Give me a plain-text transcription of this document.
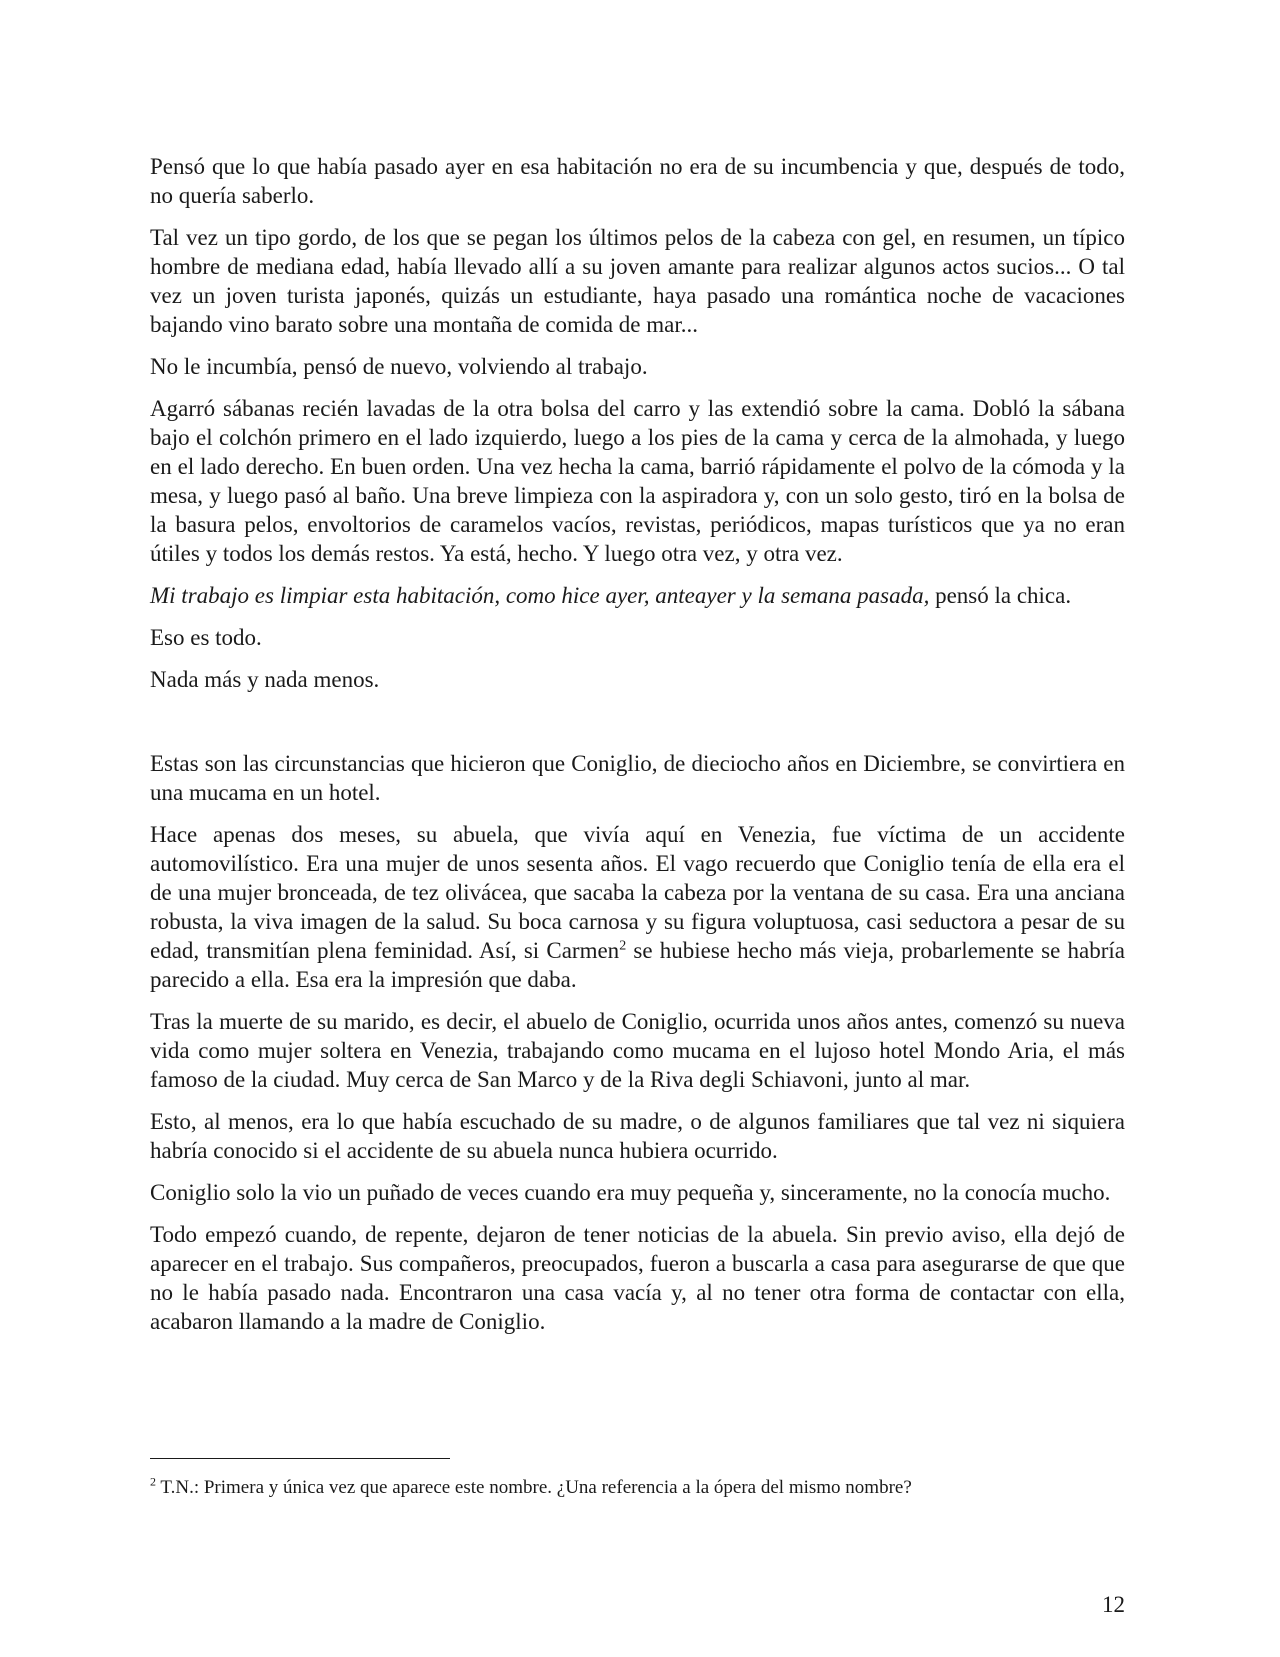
Pensó que lo que había pasado ayer en esa habitación no era de su incumbencia y que, después de todo, no quería saberlo.

Tal vez un tipo gordo, de los que se pegan los últimos pelos de la cabeza con gel, en resumen, un típico hombre de mediana edad, había llevado allí a su joven amante para realizar algunos actos sucios... O tal vez un joven turista japonés, quizás un estudiante, haya pasado una romántica noche de vacaciones bajando vino barato sobre una montaña de comida de mar...

No le incumbía, pensó de nuevo, volviendo al trabajo.

Agarró sábanas recién lavadas de la otra bolsa del carro y las extendió sobre la cama. Dobló la sábana bajo el colchón primero en el lado izquierdo, luego a los pies de la cama y cerca de la almohada, y luego en el lado derecho. En buen orden. Una vez hecha la cama, barrió rápidamente el polvo de la cómoda y la mesa, y luego pasó al baño. Una breve limpieza con la aspiradora y, con un solo gesto, tiró en la bolsa de la basura pelos, envoltorios de caramelos vacíos, revistas, periódicos, mapas turísticos que ya no eran útiles y todos los demás restos. Ya está, hecho. Y luego otra vez, y otra vez.

Mi trabajo es limpiar esta habitación, como hice ayer, anteayer y la semana pasada, pensó la chica.

Eso es todo.

Nada más y nada menos.

Estas son las circunstancias que hicieron que Coniglio, de dieciocho años en Diciembre, se convirtiera en una mucama en un hotel.

Hace apenas dos meses, su abuela, que vivía aquí en Venezia, fue víctima de un accidente automovilístico. Era una mujer de unos sesenta años. El vago recuerdo que Coniglio tenía de ella era el de una mujer bronceada, de tez olivácea, que sacaba la cabeza por la ventana de su casa. Era una anciana robusta, la viva imagen de la salud. Su boca carnosa y su figura voluptuosa, casi seductora a pesar de su edad, transmitían plena feminidad. Así, si Carmen$^2$ se hubiese hecho más vieja, probarlemente se habría parecido a ella. Esa era la impresión que daba.

Tras la muerte de su marido, es decir, el abuelo de Coniglio, ocurrida unos años antes, comenzó su nueva vida como mujer soltera en Venezia, trabajando como mucama en el lujoso hotel Mondo Aria, el más famoso de la ciudad. Muy cerca de San Marco y de la Riva degli Schiavoni, junto al mar.

Esto, al menos, era lo que había escuchado de su madre, o de algunos familiares que tal vez ni siquiera habría conocido si el accidente de su abuela nunca hubiera ocurrido.

Coniglio solo la vio un puñado de veces cuando era muy pequeña y, sinceramente, no la conocía mucho.

Todo empezó cuando, de repente, dejaron de tener noticias de la abuela. Sin previo aviso, ella dejó de aparecer en el trabajo. Sus compañeros, preocupados, fueron a buscarla a casa para asegurarse de que que no le había pasado nada. Encontraron una casa vacía y, al no tener otra forma de contactar con ella, acabaron llamando a la madre de Coniglio.

$^2$ T.N.: Primera y única vez que aparece este nombre. ¿Una referencia a la ópera del mismo nombre?
12
